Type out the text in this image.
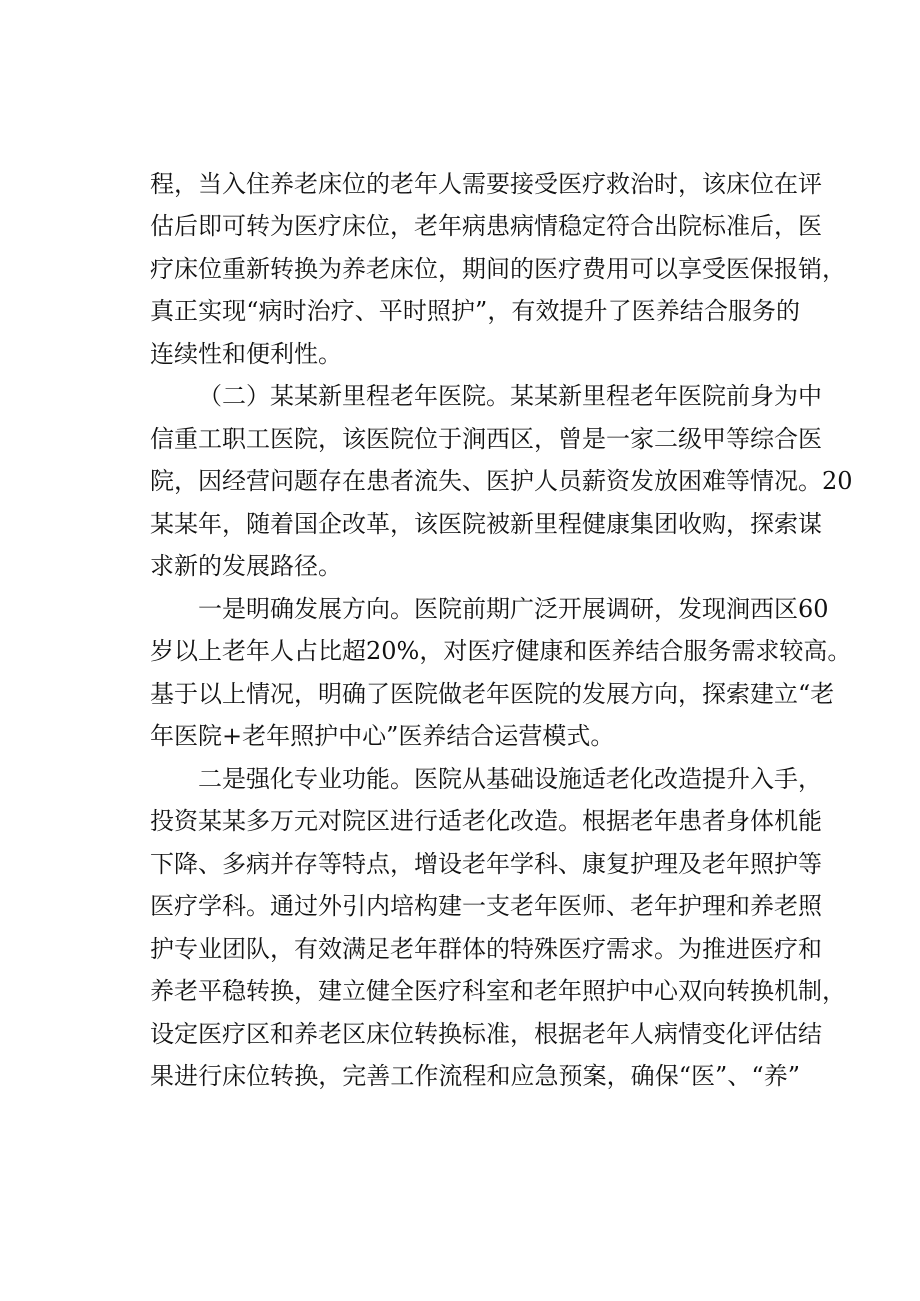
程，当入住养老床位的老年人需要接受医疗救治时，该床位在评
估后即可转为医疗床位，老年病患病情稳定符合出院标准后，医
疗床位重新转换为养老床位，期间的医疗费用可以享受医保报销，
真正实现“病时治疗、平时照护”，有效提升了医养结合服务的
连续性和便利性。
（二）某某新里程老年医院。某某新里程老年医院前身为中
信重工职工医院，该医院位于涧西区，曾是一家二级甲等综合医
院，因经营问题存在患者流失、医护人员薪资发放困难等情况。20
某某年，随着国企改革，该医院被新里程健康集团收购，探索谋
求新的发展路径。
一是明确发展方向。医院前期广泛开展调研，发现涧西区60
岁以上老年人占比超20%，对医疗健康和医养结合服务需求较高。
基于以上情况，明确了医院做老年医院的发展方向，探索建立“老
年医院+老年照护中心”医养结合运营模式。
二是强化专业功能。医院从基础设施适老化改造提升入手，
投资某某多万元对院区进行适老化改造。根据老年患者身体机能
下降、多病并存等特点，增设老年学科、康复护理及老年照护等
医疗学科。通过外引内培构建一支老年医师、老年护理和养老照
护专业团队，有效满足老年群体的特殊医疗需求。为推进医疗和
养老平稳转换，建立健全医疗科室和老年照护中心双向转换机制，
设定医疗区和养老区床位转换标准，根据老年人病情变化评估结
果进行床位转换，完善工作流程和应急预案，确保“医”、“养”
